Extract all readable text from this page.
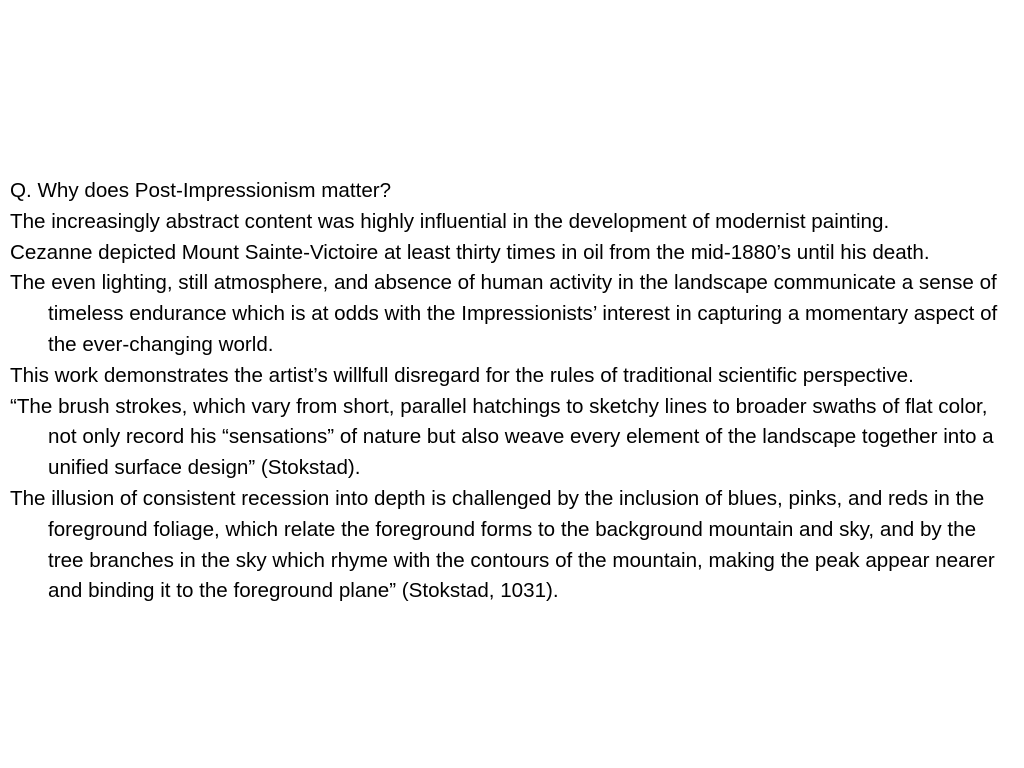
Q. Why does Post-Impressionism matter?

The increasingly abstract content was highly influential in the development of modernist painting.

Cezanne depicted Mount Sainte-Victoire at least thirty times in oil from the mid-1880’s until his death.

The even lighting, still atmosphere, and absence of human activity in the landscape communicate a sense of timeless endurance which is at odds with the Impressionists’ interest in capturing a momentary aspect of the ever-changing world.

This work demonstrates the artist’s willfull disregard for the rules of traditional scientific perspective.

“The brush strokes, which vary from short, parallel hatchings to sketchy lines to broader swaths of flat color, not only record his “sensations” of nature but also weave every element of the landscape together into a unified surface design” (Stokstad).

The illusion of consistent recession into depth is challenged by the inclusion of blues, pinks, and reds in the foreground foliage, which relate the foreground forms to the background mountain and sky, and by the tree branches in the sky which rhyme with the contours of the mountain, making the peak appear nearer and binding it to the foreground plane” (Stokstad, 1031).
